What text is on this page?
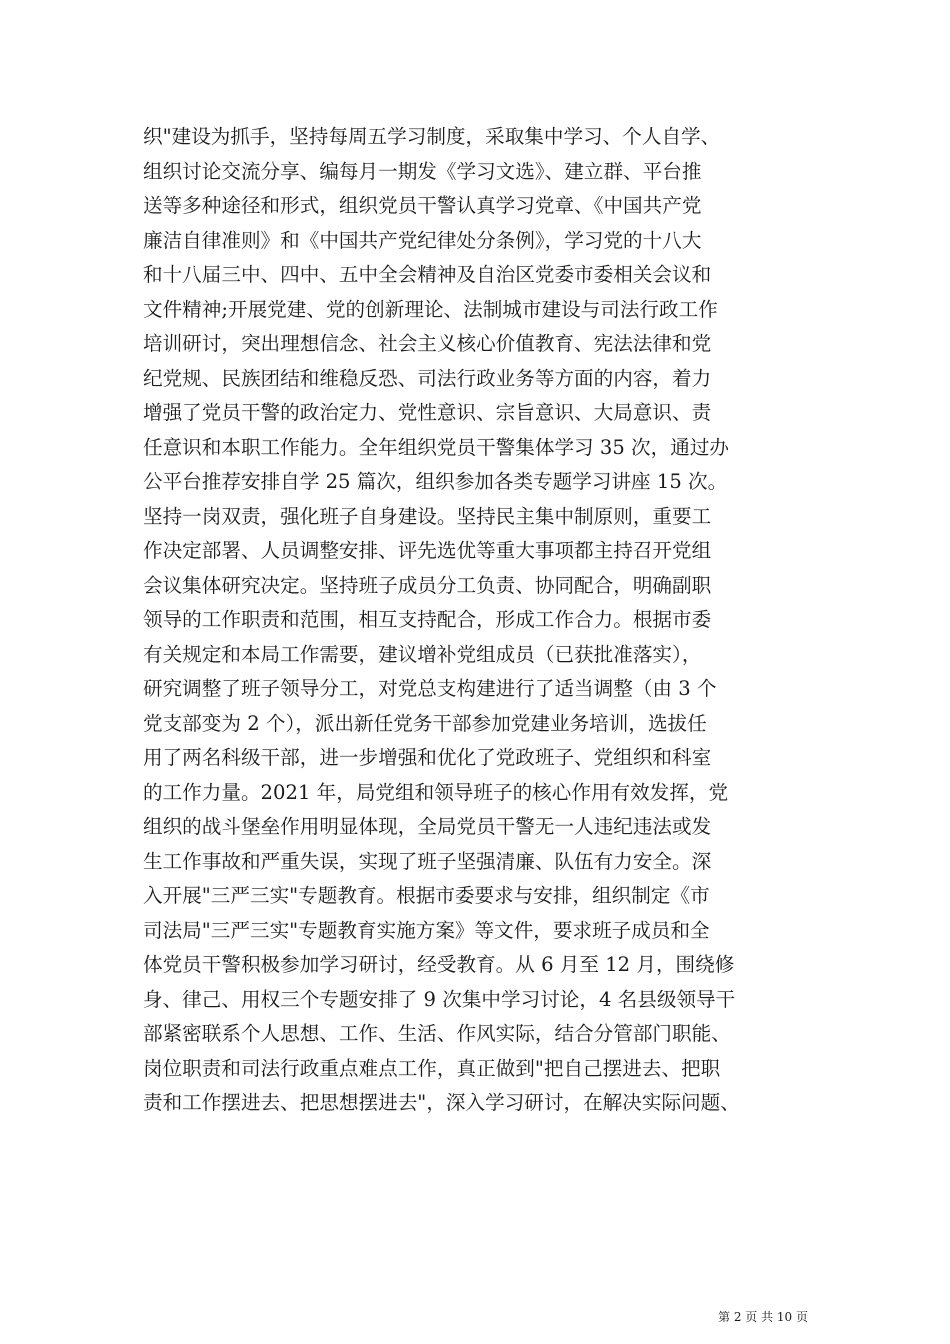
织"建设为抓手，坚持每周五学习制度，采取集中学习、个人自学、
组织讨论交流分享、编每月一期发《学习文选》、建立群、平台推
送等多种途径和形式，组织党员干警认真学习党章、《中国共产党
廉洁自律准则》和《中国共产党纪律处分条例》，学习党的十八大
和十八届三中、四中、五中全会精神及自治区党委市委相关会议和
文件精神;开展党建、党的创新理论、法制城市建设与司法行政工作
培训研讨，突出理想信念、社会主义核心价值教育、宪法法律和党
纪党规、民族团结和维稳反恐、司法行政业务等方面的内容，着力
增强了党员干警的政治定力、党性意识、宗旨意识、大局意识、责
任意识和本职工作能力。全年组织党员干警集体学习 35 次，通过办
公平台推荐安排自学 25 篇次，组织参加各类专题学习讲座 15 次。
坚持一岗双责，强化班子自身建设。坚持民主集中制原则，重要工
作决定部署、人员调整安排、评先选优等重大事项都主持召开党组
会议集体研究决定。坚持班子成员分工负责、协同配合，明确副职
领导的工作职责和范围，相互支持配合，形成工作合力。根据市委
有关规定和本局工作需要，建议增补党组成员（已获批准落实），
研究调整了班子领导分工，对党总支构建进行了适当调整（由 3 个
党支部变为 2 个），派出新任党务干部参加党建业务培训，选拔任
用了两名科级干部，进一步增强和优化了党政班子、党组织和科室
的工作力量。2021 年，局党组和领导班子的核心作用有效发挥，党
组织的战斗堡垒作用明显体现，全局党员干警无一人违纪违法或发
生工作事故和严重失误，实现了班子坚强清廉、队伍有力安全。深
入开展"三严三实"专题教育。根据市委要求与安排，组织制定《市
司法局"三严三实"专题教育实施方案》等文件，要求班子成员和全
体党员干警积极参加学习研讨，经受教育。从 6 月至 12 月，围绕修
身、律己、用权三个专题安排了 9 次集中学习讨论，4 名县级领导干
部紧密联系个人思想、工作、生活、作风实际，结合分管部门职能、
岗位职责和司法行政重点难点工作，真正做到"把自己摆进去、把职
责和工作摆进去、把思想摆进去"，深入学习研讨，在解决实际问题、
第 2 页 共 10 页
